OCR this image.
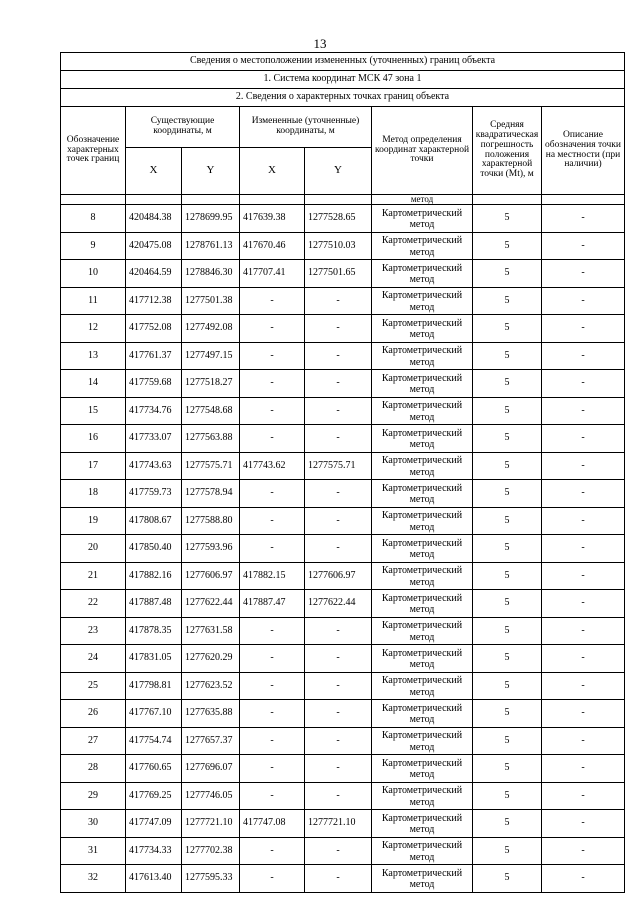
13
Сведения о местоположении измененных (уточненных) границ объекта							
1. Система координат МСК 47 зона 1							
2. Сведения о характерных точках границ объекта							
Обозначение характерных точек границ	Существующие координаты, м		Измененные (уточненные) координаты, м		Метод определения координат характерной точки	Средняя квадратическая погрешность положения характерной точки (Mt), м	Описание обозначения точки на местности (при наличии)
	X	Y	X	Y			
					метод		
8	420484.38	1278699.95	417639.38	1277528.65	Картометрический метод	5	-
9	420475.08	1278761.13	417670.46	1277510.03	Картометрический метод	5	-
10	420464.59	1278846.30	417707.41	1277501.65	Картометрический метод	5	-
11	417712.38	1277501.38	-	-	Картометрический метод	5	-
12	417752.08	1277492.08	-	-	Картометрический метод	5	-
13	417761.37	1277497.15	-	-	Картометрический метод	5	-
14	417759.68	1277518.27	-	-	Картометрический метод	5	-
15	417734.76	1277548.68	-	-	Картометрический метод	5	-
16	417733.07	1277563.88	-	-	Картометрический метод	5	-
17	417743.63	1277575.71	417743.62	1277575.71	Картометрический метод	5	-
18	417759.73	1277578.94	-	-	Картометрический метод	5	-
19	417808.67	1277588.80	-	-	Картометрический метод	5	-
20	417850.40	1277593.96	-	-	Картометрический метод	5	-
21	417882.16	1277606.97	417882.15	1277606.97	Картометрический метод	5	-
22	417887.48	1277622.44	417887.47	1277622.44	Картометрический метод	5	-
23	417878.35	1277631.58	-	-	Картометрический метод	5	-
24	417831.05	1277620.29	-	-	Картометрический метод	5	-
25	417798.81	1277623.52	-	-	Картометрический метод	5	-
26	417767.10	1277635.88	-	-	Картометрический метод	5	-
27	417754.74	1277657.37	-	-	Картометрический метод	5	-
28	417760.65	1277696.07	-	-	Картометрический метод	5	-
29	417769.25	1277746.05	-	-	Картометрический метод	5	-
30	417747.09	1277721.10	417747.08	1277721.10	Картометрический метод	5	-
31	417734.33	1277702.38	-	-	Картометрический метод	5	-
32	417613.40	1277595.33	-	-	Картометрический метод	5	-
